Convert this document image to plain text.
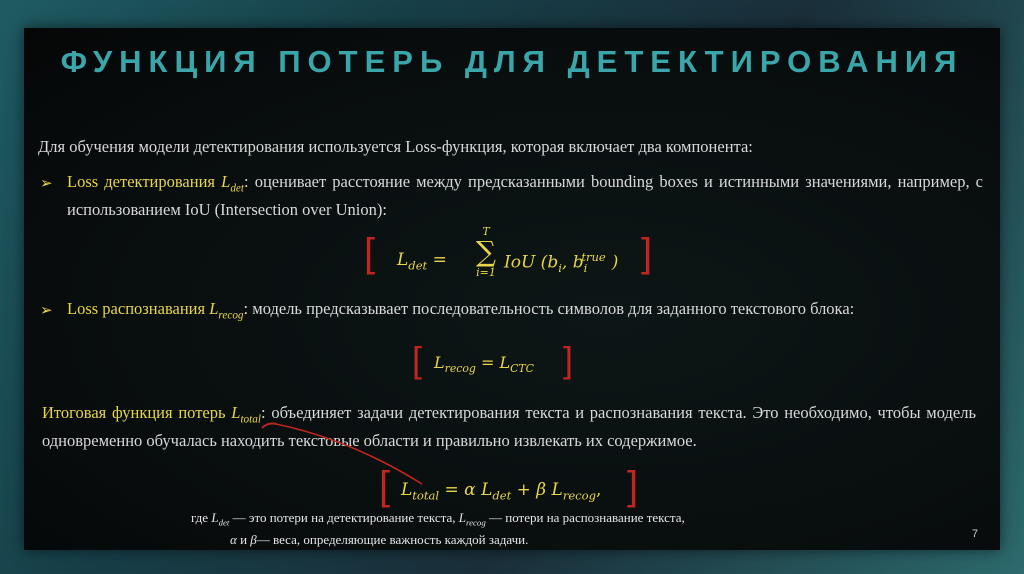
ФУНКЦИЯ ПОТЕРЬ ДЛЯ ДЕТЕКТИРОВАНИЯ
Для обучения модели детектирования используется Loss-функция, которая включает два компонента:
➢ Loss детектирования $L_{det}$: оценивает расстояние между предсказанными bounding boxes и истинными значениями, например, с использованием IoU (Intersection over Union):
[ $L_{det}$ =
T
∑
i=1 IoU ($b_i$, $b_i^{true}$ ) ]
➢ Loss распознавания $L_{recog}$: модель предсказывает последовательность символов для заданного текстового блока:
[ $L_{recog} = L_{CTC}$ ]
Итоговая функция потерь $L_{total}$: объединяет задачи детектирования текста и распознавания текста. Это необходимо, чтобы модель одновременно обучалась находить текстовые области и правильно извлекать их содержимое.
[ $L_{total} = \alpha$ $L_{det} + \beta$ $L_{recog}$, ]
где $L_{det}$ — это потери на детектирование текста, $L_{recog}$ — потери на распознавание текста,
α и β— веса, определяющие важность каждой задачи.	7
